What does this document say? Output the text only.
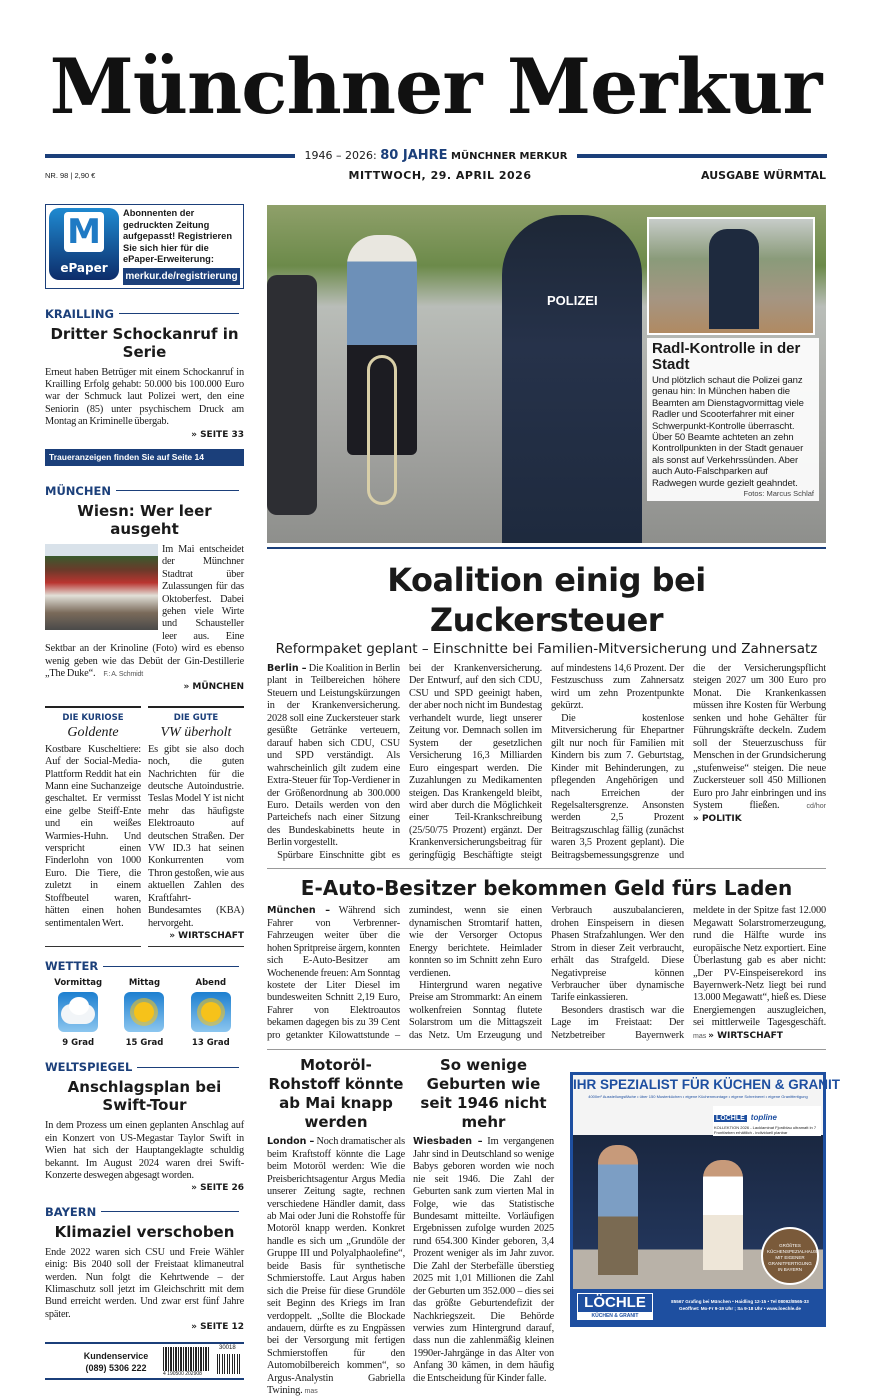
Münchner Merkur
1946 – 2026: 80 JAHRE MÜNCHNER MERKUR
NR. 98 | 2,90 €	MITTWOCH, 29. APRIL 2026	AUSGABE WÜRMTAL
M
ePaper
Abonnenten der gedruckten Zeitung aufgepasst! Registrieren Sie sich hier für die ePaper-Erweiterung:
merkur.de/registrierung
KRAILLING
Dritter Schockanruf in Serie
Erneut haben Betrüger mit einem Schockanruf in Krailling Erfolg gehabt: 50.000 bis 100.000 Euro war der Schmuck laut Polizei wert, den eine Seniorin (85) unter psychischem Druck am Montag an Kriminelle übergab.
» SEITE 33
Traueranzeigen finden Sie auf Seite 14
MÜNCHEN
Wiesn: Wer leer ausgeht
Im Mai entscheidet der Münchner Stadtrat über Zulassungen für das Oktoberfest. Dabei gehen viele Wirte und Schausteller leer aus. Eine Sektbar an der Krinoline (Foto) wird es ebenso wenig geben wie das Debüt der Gin-Destillerie „The Duke“. F.: A. Schmidt
» MÜNCHEN
DIE KURIOSE
Goldente
Kostbare Kuscheltiere: Auf der Social-Media-Plattform Reddit hat ein Mann eine Suchanzeige geschaltet. Er vermisst eine gelbe Steiff-Ente und ein weißes Warmies-Huhn. Und verspricht einen Finderlohn von 1000 Euro. Die Tiere, die zuletzt in einem Stoffbeutel waren, hätten einen hohen sentimentalen Wert.
DIE GUTE
VW überholt
Es gibt sie also doch noch, die guten Nachrichten für die deutsche Autoindustrie. Teslas Model Y ist nicht mehr das häufigste Elektroauto auf deutschen Straßen. Der VW ID.3 hat seinen Konkurrenten vom Thron gestoßen, wie aus aktuellen Zahlen des Kraftfahrt-Bundesamtes (KBA) hervorgeht.
» WIRTSCHAFT
WETTER
Vormittag
9 Grad
Mittag
15 Grad
Abend
13 Grad
WELTSPIEGEL
Anschlagsplan bei Swift-Tour
In dem Prozess um einen geplanten Anschlag auf ein Konzert von US-Megastar Taylor Swift in Wien hat sich der Hauptangeklagte schuldig bekannt. Im August 2024 waren drei Swift-Konzerte deswegen abgesagt worden.
» SEITE 26
BAYERN
Klimaziel verschoben
Ende 2022 waren sich CSU und Freie Wähler einig: Bis 2040 soll der Freistaat klimaneutral werden. Nun folgt die Kehrtwende – der Klimaschutz soll jetzt im Gleichschritt mit dem Bund erreicht werden. Und zwar erst fünf Jahre später.
» SEITE 12
Kundenservice
(089) 5306 222
4 190500 202908
30018
POLIZEI
Radl-Kontrolle in der Stadt
Und plötzlich schaut die Polizei ganz genau hin: In München haben die Beamten am Dienstagvormittag viele Radler und Scooterfahrer mit einer Schwerpunkt-Kontrolle überrascht. Über 50 Beamte achteten an zehn Kontrollpunkten in der Stadt genauer als sonst auf Verkehrssünden. Aber auch Auto-Falschparken auf Radwegen wurde gezielt geahndet.
Fotos: Marcus Schlaf
Koalition einig bei Zuckersteuer
Reformpaket geplant – Einschnitte bei Familien-Mitversicherung und Zahnersatz
Berlin – Die Koalition in Berlin plant in Teilbereichen höhere Steuern und Leistungskürzungen in der Krankenversicherung. 2028 soll eine Zuckersteuer stark gesüßte Getränke verteuern, darauf haben sich CDU, CSU und SPD verständigt. Als wahrscheinlich gilt zudem eine Extra-Steuer für Top-Verdiener in der Größenordnung ab 300.000 Euro. Details werden von den Parteichefs nach einer Sitzung des Bundeskabinetts heute in Berlin vorgestellt.
 Spürbare Einschnitte gibt es bei der Krankenversicherung. Der Entwurf, auf den sich CDU, CSU und SPD geeinigt haben, der aber noch nicht im Bundestag verhandelt wurde, liegt unserer Zeitung vor. Demnach sollen im System der gesetzlichen Versicherung 16,3 Milliarden Euro eingespart werden. Die Zuzahlungen zu Medikamenten steigen. Das Krankengeld bleibt, wird aber durch die Möglichkeit einer Teil-Krankschreibung (25/50/75 Prozent) ergänzt. Der Krankenversicherungsbeitrag für geringfügig Beschäftigte steigt auf mindestens 14,6 Prozent. Der Festzuschuss zum Zahnersatz wird um zehn Prozentpunkte gekürzt.
 Die kostenlose Mitversicherung für Ehepartner gilt nur noch für Familien mit Kindern bis zum 7. Geburtstag, Kinder mit Behinderungen, zu pflegenden Angehörigen und nach Erreichen der Regelsaltersgrenze. Ansonsten werden 2,5 Prozent Beitragszuschlag fällig (zunächst waren 3,5 Prozent geplant). Die Beitragsbemessungsgrenze und die der Versicherungspflicht steigen 2027 um 300 Euro pro Monat. Die Krankenkassen müssen ihre Kosten für Werbung senken und hohe Gehälter für Führungskräfte deckeln. Zudem soll der Steuerzuschuss für Menschen in der Grundsicherung „stufenweise“ steigen. Die neue Zuckersteuer soll 450 Millionen Euro pro Jahr einbringen und ins System fließen.	cd/hor » POLITIK
E-Auto-Besitzer bekommen Geld fürs Laden
München – Während sich Fahrer von Verbrenner-Fahrzeugen weiter über die hohen Spritpreise ärgern, konnten sich E-Auto-Besitzer am Wochenende freuen: Am Sonntag kostete der Liter Diesel im bundesweiten Schnitt 2,19 Euro, Fahrer von Elektroautos bekamen dagegen bis zu 39 Cent pro getankter Kilowattstunde – zumindest, wenn sie einen dynamischen Stromtarif hatten, wie der Versorger Octopus Energy berichtete. Heimlader konnten so im Schnitt zehn Euro verdienen.
 Hintergrund waren negative Preise am Strommarkt: An einem wolkenfreien Sonntag flutete Solarstrom um die Mittagszeit das Netz. Um Erzeugung und Verbrauch auszubalancieren, drohen Einspeisern in diesen Phasen Strafzahlungen. Wer den Strom in dieser Zeit verbraucht, erhält das Strafgeld. Diese Negativpreise können Verbraucher über dynamische Tarife einkassieren.
 Besonders drastisch war die Lage im Freistaat: Der Netzbetreiber Bayernwerk meldete in der Spitze fast 12.000 Megawatt Solarstromerzeugung, rund die Hälfte wurde ins europäische Netz exportiert. Eine Überlastung gab es aber nicht: „Der PV-Einspeiserekord ins Bayernwerk-Netz liegt bei rund 13.000 Megawatt“, hieß es. Diese Energiemengen auszugleichen, sei mittlerweile Tagesgeschäft. mas » WIRTSCHAFT
Motoröl-Rohstoff könnte ab Mai knapp werden
London – Noch dramatischer als beim Kraftstoff könnte die Lage beim Motoröl werden: Wie die Preisberichtsagentur Argus Media unserer Zeitung sagte, rechnen verschiedene Händler damit, dass ab Mai oder Juni die Rohstoffe für Motoröl knapp werden. Konkret handle es sich um „Grundöle der Gruppe III und Polyalphaolefine“, beide Basis für synthetische Schmierstoffe. Laut Argus haben sich die Preise für diese Grundöle seit Beginn des Kriegs im Iran verdoppelt. „Sollte die Blockade andauern, dürfte es zu Engpässen bei der Versorgung mit fertigen Schmierstoffen für den Automobilbereich kommen“, so Argus-Analystin Gabriella Twining. mas
So wenige Geburten wie seit 1946 nicht mehr
Wiesbaden – Im vergangenen Jahr sind in Deutschland so wenige Babys geboren worden wie noch nie seit 1946. Die Zahl der Geburten sank zum vierten Mal in Folge, wie das Statistische Bundesamt mitteilte. Vorläufigen Ergebnissen zufolge wurden 2025 rund 654.300 Kinder geboren, 3,4 Prozent weniger als im Jahr zuvor. Die Zahl der Sterbefälle überstieg 2025 mit 1,01 Millionen die Zahl der Geburten um 352.000 – dies sei das größte Geburtendefizit der Nachkriegszeit. Die Behörde verwies zum Hintergrund darauf, dass nun die zahlenmäßig kleinen 1990er-Jahrgänge in das Alter von Anfang 30 kämen, in dem häufig die Entscheidung für Kinder falle.
IHR SPEZIALIST FÜR KÜCHEN & GRANIT
4000m² Ausstellungsfläche • über 150 Musterküchen • eigene Küchenmontage • eigene Schreinerei • eigene Granitfertigung
LÖCHLE topline
KOLLEKTION 2026 - Lacklaminat Fjordblau ultramatt in 7 Frontfarben erhältlich - individuell planbar
GRÖßTES KÜCHENSPEZIALHAUS MIT EIGENER GRANITFERTIGUNG IN BAYERN
LÖCHLE
KÜCHEN & GRANIT
85567 Grafing bei München • Haidling 12-15 • Tel 08092/8565-33
Geöffnet: Mo-Fr 9-19 Uhr ; Sa 9-18 Uhr • www.loechle.de
